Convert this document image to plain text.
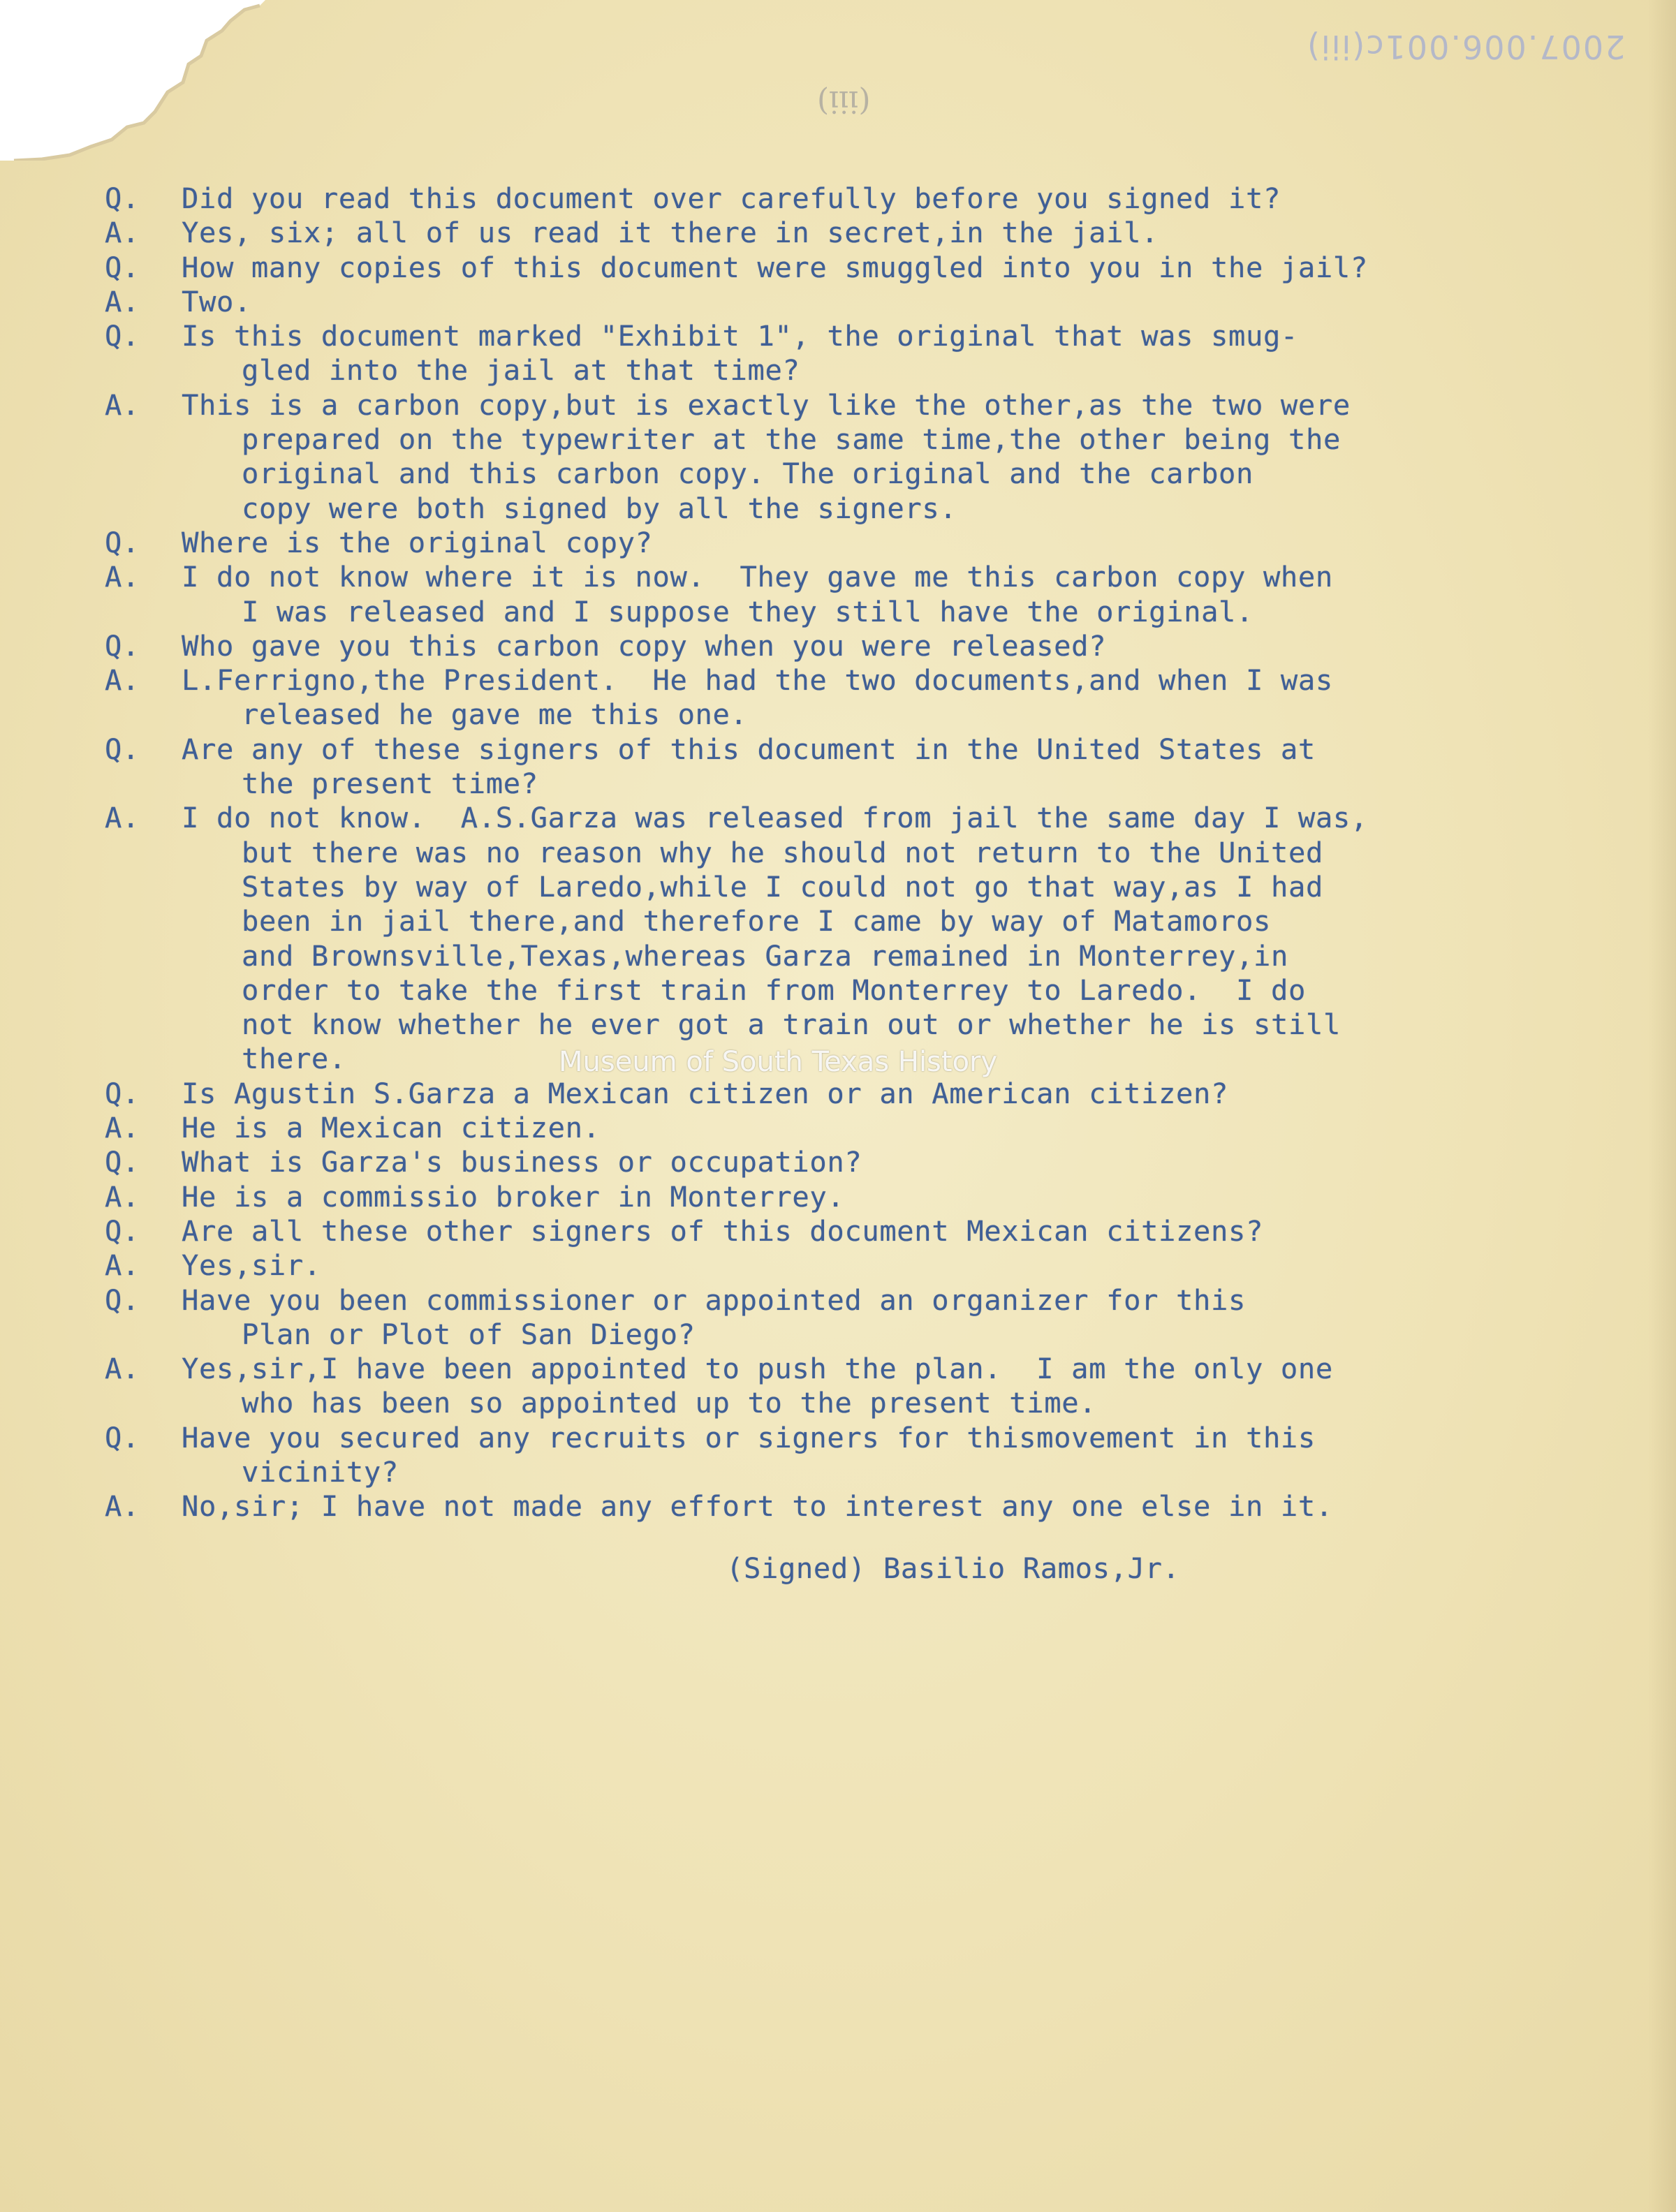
2007.006.001c(iii)
(iii)
Q.	Did you read this document over carefully before you signed it?
A.	Yes, six; all of us read it there in secret,in the jail.
Q.	How many copies of this document were smuggled into you in the jail?
A.	Two.
Q.	Is this document marked "Exhibit 1", the original that was smug-
gled into the jail at that time?
A.	This is a carbon copy,but is exactly like the other,as the two were
prepared on the typewriter at the same time,the other being the
original and this carbon copy. The original and the carbon
copy were both signed by all the signers.
Q.	Where is the original copy?
A.	I do not know where it is now.  They gave me this carbon copy when
I was released and I suppose they still have the original.
Q.	Who gave you this carbon copy when you were released?
A.	L.Ferrigno,the President.  He had the two documents,and when I was
released he gave me this one.
Q.	Are any of these signers of this document in the United States at
the present time?
A.	I do not know.  A.S.Garza was released from jail the same day I was,
but there was no reason why he should not return to the United
States by way of Laredo,while I could not go that way,as I had
been in jail there,and therefore I came by way of Matamoros
and Brownsville,Texas,whereas Garza remained in Monterrey,in
order to take the first train from Monterrey to Laredo.  I do
not know whether he ever got a train out or whether he is still
there.
Q.	Is Agustin S.Garza a Mexican citizen or an American citizen?
A.	He is a Mexican citizen.
Q.	What is Garza's business or occupation?
A.	He is a commissio broker in Monterrey.
Q.	Are all these other signers of this document Mexican citizens?
A.	Yes,sir.
Q.	Have you been commissioner or appointed an organizer for this
Plan or Plot of San Diego?
A.	Yes,sir,I have been appointed to push the plan.  I am the only one
who has been so appointed up to the present time.
Q.	Have you secured any recruits or signers for thismovement in this
vicinity?
A.	No,sir; I have not made any effort to interest any one else in it.
(Signed) Basilio Ramos,Jr.
Museum of South Texas History
